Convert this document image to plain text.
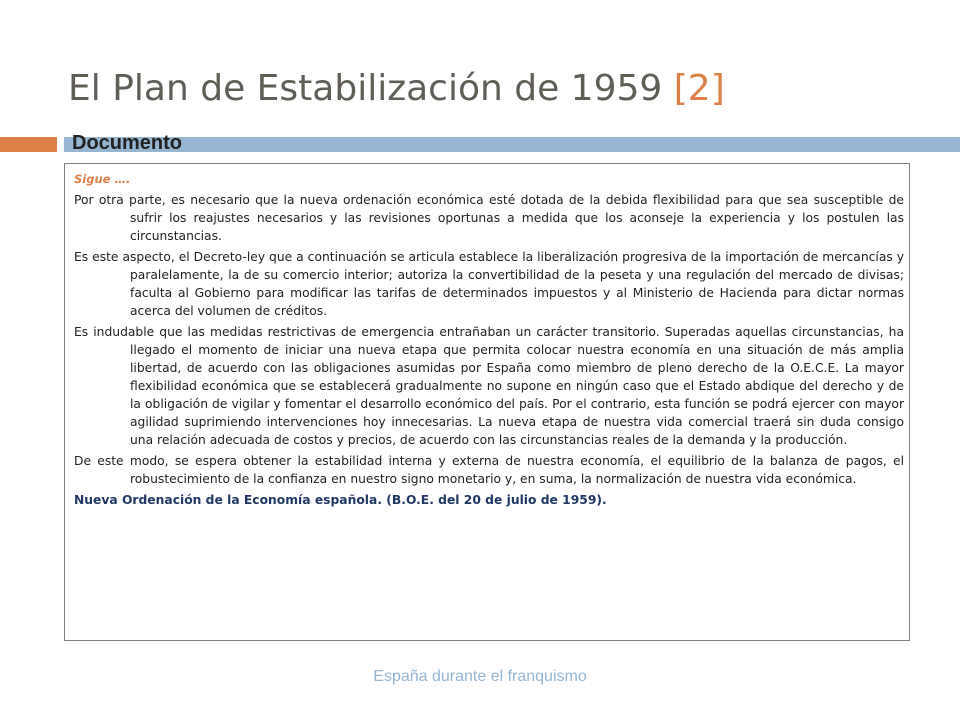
El Plan de Estabilización de 1959 [2]
Documento

Sigue ….

Por otra parte, es necesario que la nueva ordenación económica esté dotada de la debida flexibilidad para que sea susceptible de sufrir los reajustes necesarios y las revisiones oportunas a medida que los aconseje la experiencia y los postulen las circunstancias.

Es este aspecto, el Decreto-ley que a continuación se articula establece la liberalización progresiva de la importación de mercancías y paralelamente, la de su comercio interior; autoriza la convertibilidad de la peseta y una regulación del mercado de divisas; faculta al Gobierno para modificar las tarifas de determinados impuestos y al Ministerio de Hacienda para dictar normas acerca del volumen de créditos.

Es indudable que las medidas restrictivas de emergencia entrañaban un carácter transitorio. Superadas aquellas circunstancias, ha llegado el momento de iniciar una nueva etapa que permita colocar nuestra economía en una situación de más amplia libertad, de acuerdo con las obligaciones asumidas por España como miembro de pleno derecho de la O.E.C.E. La mayor flexibilidad económica que se establecerá gradualmente no supone en ningún caso que el Estado abdique del derecho y de la obligación de vigilar y fomentar el desarrollo económico del país. Por el contrario, esta función se podrá ejercer con mayor agilidad suprimiendo intervenciones hoy innecesarias. La nueva etapa de nuestra vida comercial traerá sin duda consigo una relación adecuada de costos y precios, de acuerdo con las circunstancias reales de la demanda y la producción.

De este modo, se espera obtener la estabilidad interna y externa de nuestra economía, el equilibrio de la balanza de pagos, el robustecimiento de la confianza en nuestro signo monetario y, en suma, la normalización de nuestra vida económica.

Nueva Ordenación de la Economía española. (B.O.E. del 20 de julio de 1959).

España durante el franquismo
